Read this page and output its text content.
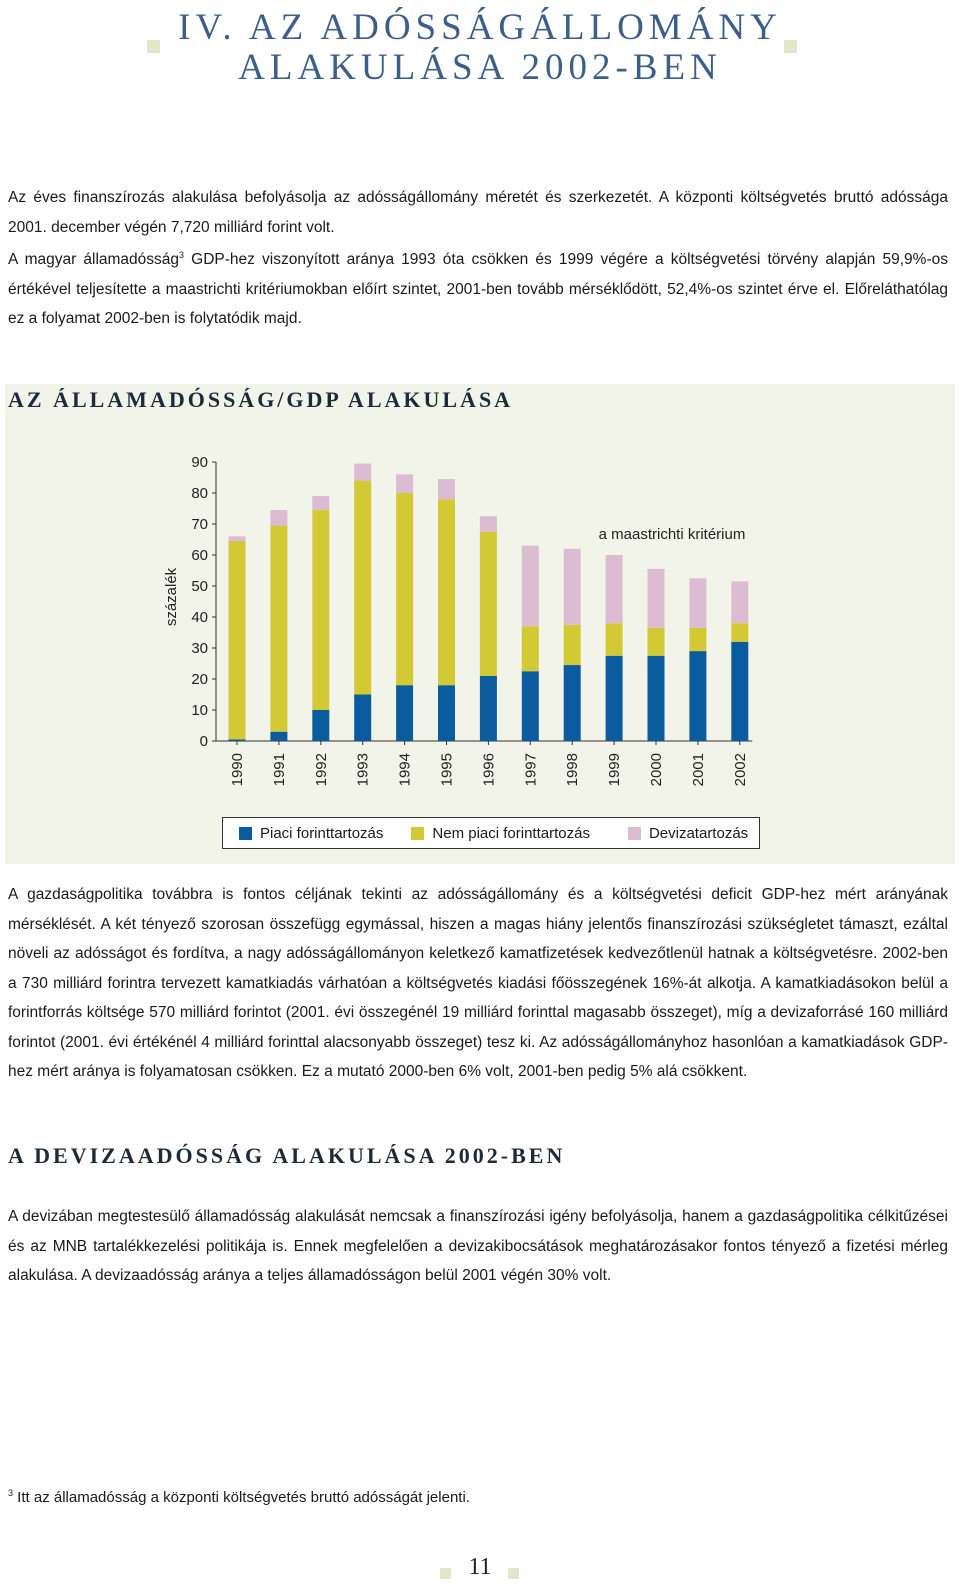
IV. AZ ADÓSSÁGÁLLOMÁNY
ALAKULÁSA 2002-BEN
Az éves finanszírozás alakulása befolyásolja az adósságállomány méretét és szerkezetét. A központi költségvetés bruttó adóssága 2001. december végén 7,720 milliárd forint volt.
A magyar államadósság$^3$ GDP-hez viszonyított aránya 1993 óta csökken és 1999 végére a költségvetési törvény alapján 59,9%-os értékével teljesítette a maastrichti kritériumokban előírt szintet, 2001-ben tovább mérséklődött, 52,4%-os szintet érve el. Előreláthatólag ez a folyamat 2002-ben is folytatódik majd.
AZ ÁLLAMADÓSSÁG/GDP ALAKULÁSA
0
10
20
30
40
50
60
70
80
90
százalék
1990 1991 1992 1993 1994 1995 1996 1997 1998 1999 2000 2001 2002
a maastrichti kritérium
Piaci forinttartozás	Nem piaci forinttartozás	Devizatartozás
A gazdaságpolitika továbbra is fontos céljának tekinti az adósságállomány és a költségvetési deficit GDP-hez mért arányának mérséklését. A két tényező szorosan összefügg egymással, hiszen a magas hiány jelentős finanszírozási szükségletet támaszt, ezáltal növeli az adósságot és fordítva, a nagy adósságállományon keletkező kamatfizetések kedvezőtlenül hatnak a költségvetésre. 2002-ben a 730 milliárd forintra tervezett kamatkiadás várhatóan a költségvetés kiadási főösszegének 16%-át alkotja. A kamatkiadásokon belül a forintforrás költsége 570 milliárd forintot (2001. évi összegénél 19 milliárd forinttal magasabb összeget), míg a devizaforrásé 160 milliárd forintot (2001. évi értékénél 4 milliárd forinttal alacsonyabb összeget) tesz ki. Az adósságállományhoz hasonlóan a kamatkiadások GDP-hez mért aránya is folyamatosan csökken. Ez a mutató 2000-ben 6% volt, 2001-ben pedig 5% alá csökkent.
A DEVIZAADÓSSÁG ALAKULÁSA 2002-BEN
A devizában megtestesülő államadósság alakulását nemcsak a finanszírozási igény befolyásolja, hanem a gazdaságpolitika célkitűzései és az MNB tartalékkezelési politikája is. Ennek megfelelően a devizakibocsátások meghatározásakor fontos tényező a fizetési mérleg alakulása. A devizaadósság aránya a teljes államadósságon belül 2001 végén 30% volt.
$^3$ Itt az államadósság a központi költségvetés bruttó adósságát jelenti.
11
